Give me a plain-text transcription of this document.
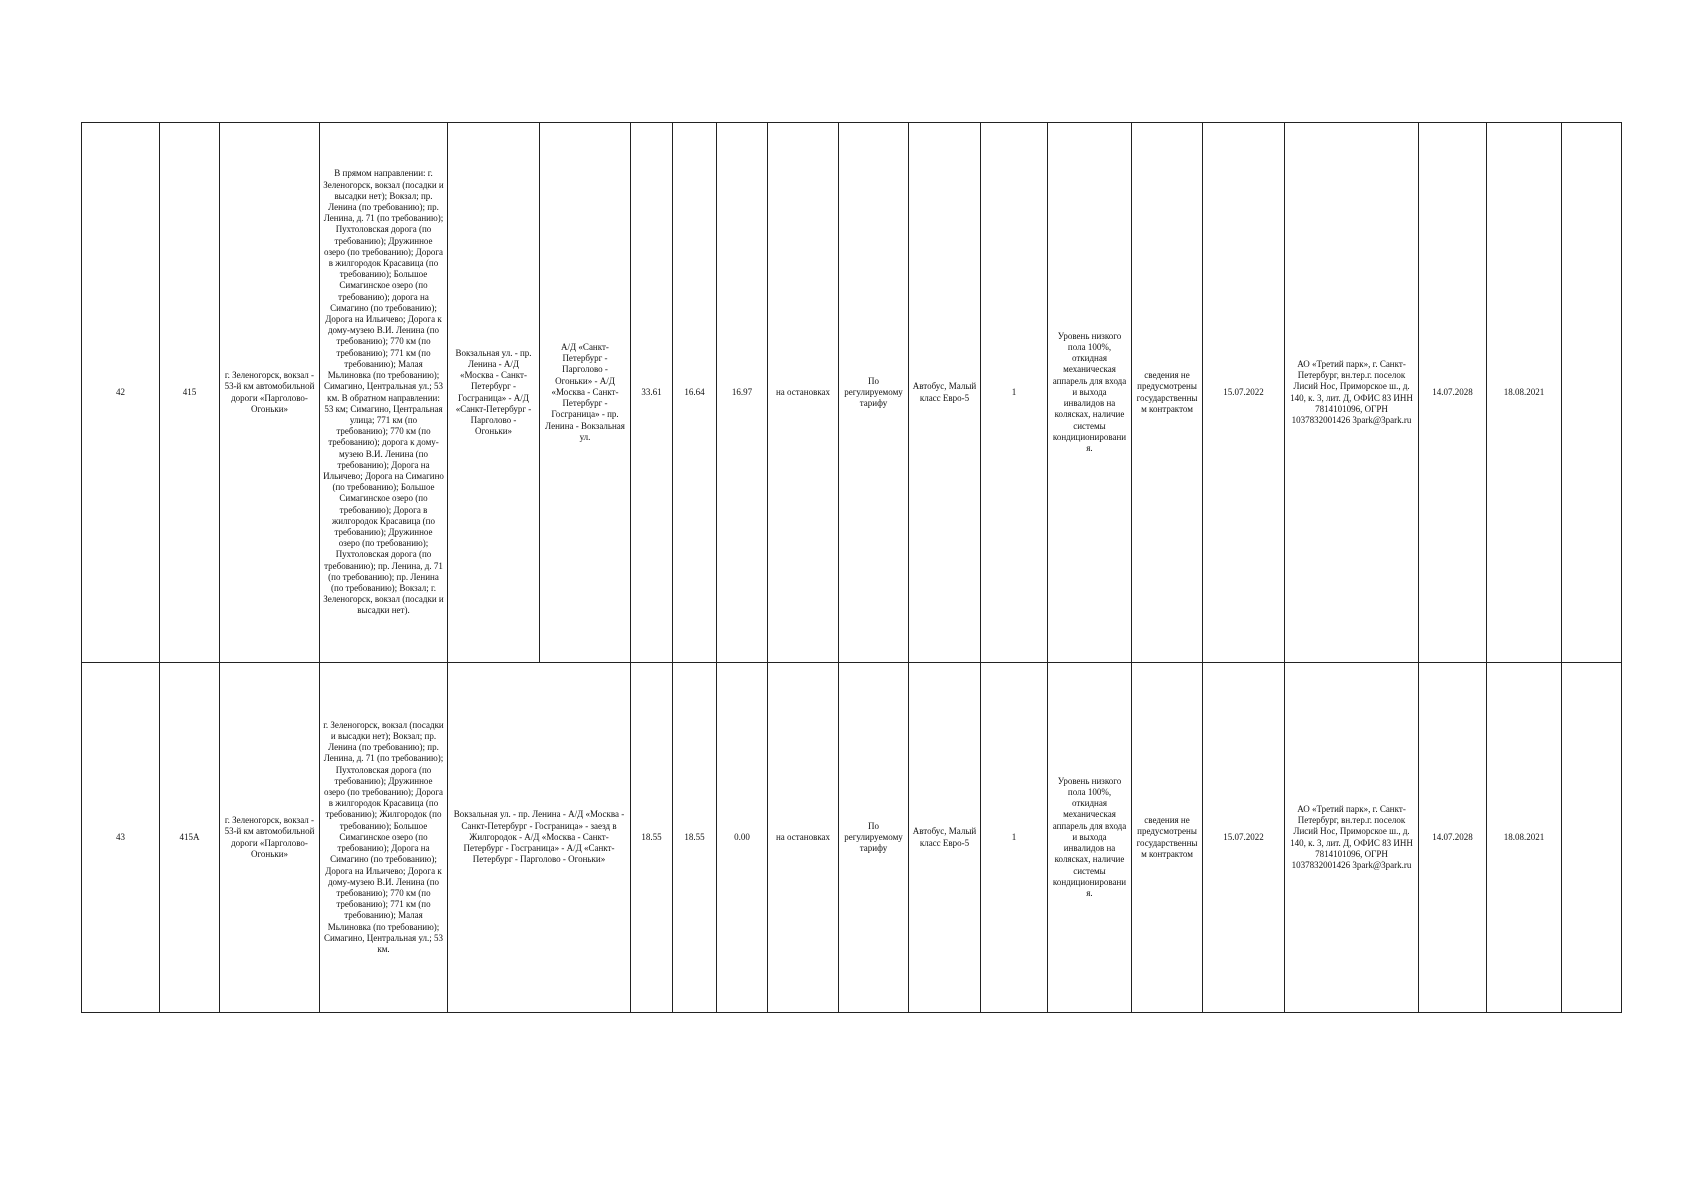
42	415	г. Зеленогорск, вокзал - 53-й км автомобильной дороги «Парголово-Огоньки»	В прямом направлении: г. Зеленогорск, вокзал (посадки и высадки нет); Вокзал; пр. Ленина (по требованию); пр. Ленина, д. 71 (по требованию); Пухтоловская дорога (по требованию); Дружинное озеро (по требованию); Дорога в жилгородок Красавица (по требованию); Большое Симагинское озеро (по требованию); дорога на Симагино (по требованию); Дорога на Ильичево; Дорога к дому-музею В.И. Ленина (по требованию); 770 км (по требованию); 771 км (по требованию); Малая Мьлиновка (по требованию); Симагино, Центральная ул.; 53 км. В обратном направлении: 53 км; Симагино, Центральная улица; 771 км (по требованию); 770 км (по требованию); дорога к дому-музею В.И. Ленина (по требованию); Дорога на Ильичево; Дорога на Симагино (по требованию); Большое Симагинское озеро (по требованию); Дорога в жилгородок Красавица (по требованию); Дружинное озеро (по требованию); Пухтоловская дорога (по требованию); пр. Ленина, д. 71 (по требованию); пр. Ленина (по требованию); Вокзал; г. Зеленогорск, вокзал (посадки и высадки нет).	Вокзальная ул. - пр. Ленина - А/Д «Москва - Санкт-Петербург - Госграница» - А/Д «Санкт-Петербург - Парголово - Огоньки»	А/Д «Санкт-Петербург - Парголово - Огоньки» - А/Д «Москва - Санкт-Петербург - Госграница» - пр. Ленина - Вокзальная ул.	33.61	16.64	16.97	на остановках	По регулируемому тарифу	Автобус, Малый класс Евро-5	1	Уровень низкого пола 100%, откидная механическая аппарель для входа и выхода инвалидов на колясках, наличие системы кондиционирования.	сведения не предусмотрены государственным контрактом	15.07.2022	АО «Третий парк», г. Санкт-Петербург, вн.тер.г. поселок Лисий Нос, Приморское ш., д. 140, к. 3, лит. Д, ОФИС 83 ИНН 7814101096, ОГРН 1037832001426 3park@3park.ru	14.07.2028	18.08.2021	
43	415А	г. Зеленогорск, вокзал - 53-й км автомобильной дороги «Парголово-Огоньки»	г. Зеленогорск, вокзал (посадки и высадки нет); Вокзал; пр. Ленина (по требованию); пр. Ленина, д. 71 (по требованию); Пухтоловская дорога (по требованию); Дружинное озеро (по требованию); Дорога в жилгородок Красавица (по требованию); Жилгородок (по требованию); Большое Симагинское озеро (по требованию); Дорога на Симагино (по требованию); Дорога на Ильичево; Дорога к дому-музею В.И. Ленина (по требованию); 770 км (по требованию); 771 км (по требованию); Малая Мьлиновка (по требованию); Симагино, Центральная ул.; 53 км.	Вокзальная ул. - пр. Ленина - А/Д «Москва - Санкт-Петербург - Госграница» - заезд в Жилгородок - А/Д «Москва - Санкт-Петербург - Госграница» - А/Д «Санкт-Петербург - Парголово - Огоньки»		18.55	18.55	0.00	на остановках	По регулируемому тарифу	Автобус, Малый класс Евро-5	1	Уровень низкого пола 100%, откидная механическая аппарель для входа и выхода инвалидов на колясках, наличие системы кондиционирования.	сведения не предусмотрены государственным контрактом	15.07.2022	АО «Третий парк», г. Санкт-Петербург, вн.тер.г. поселок Лисий Нос, Приморское ш., д. 140, к. 3, лит. Д, ОФИС 83 ИНН 7814101096, ОГРН 1037832001426 3park@3park.ru	14.07.2028	18.08.2021	
